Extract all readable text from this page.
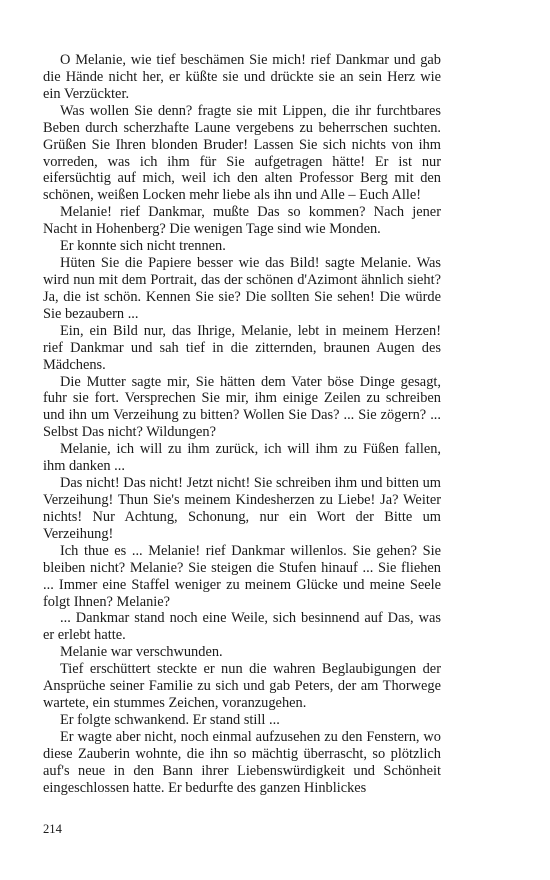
O Melanie, wie tief beschämen Sie mich! rief Dankmar und gab die Hände nicht her, er küßte sie und drückte sie an sein Herz wie ein Verzückter.

Was wollen Sie denn? fragte sie mit Lippen, die ihr furchtbares Beben durch scherzhafte Laune vergebens zu beherrschen suchten. Grüßen Sie Ihren blonden Bruder! Lassen Sie sich nichts von ihm vorreden, was ich ihm für Sie aufgetragen hätte! Er ist nur eifersüchtig auf mich, weil ich den alten Professor Berg mit den schönen, weißen Locken mehr liebe als ihn und Alle – Euch Alle!

Melanie! rief Dankmar, mußte Das so kommen? Nach jener Nacht in Hohenberg? Die wenigen Tage sind wie Monden.

Er konnte sich nicht trennen.

Hüten Sie die Papiere besser wie das Bild! sagte Melanie. Was wird nun mit dem Portrait, das der schönen d'Azimont ähnlich sieht? Ja, die ist schön. Kennen Sie sie? Die sollten Sie sehen! Die würde Sie bezaubern ...

Ein, ein Bild nur, das Ihrige, Melanie, lebt in meinem Herzen! rief Dankmar und sah tief in die zitternden, braunen Augen des Mädchens.

Die Mutter sagte mir, Sie hätten dem Vater böse Dinge gesagt, fuhr sie fort. Versprechen Sie mir, ihm einige Zeilen zu schreiben und ihn um Verzeihung zu bitten? Wollen Sie Das? ... Sie zögern? ... Selbst Das nicht? Wildungen?

Melanie, ich will zu ihm zurück, ich will ihm zu Füßen fallen, ihm danken ...

Das nicht! Das nicht! Jetzt nicht! Sie schreiben ihm und bitten um Verzeihung! Thun Sie's meinem Kindesherzen zu Liebe! Ja? Weiter nichts! Nur Achtung, Schonung, nur ein Wort der Bitte um Verzeihung!

Ich thue es ... Melanie! rief Dankmar willenlos. Sie gehen? Sie bleiben nicht? Melanie? Sie steigen die Stufen hinauf ... Sie fliehen ... Immer eine Staffel weniger zu meinem Glücke und meine Seele folgt Ihnen? Melanie?

... Dankmar stand noch eine Weile, sich besinnend auf Das, was er erlebt hatte.

Melanie war verschwunden.

Tief erschüttert steckte er nun die wahren Beglaubigungen der Ansprüche seiner Familie zu sich und gab Peters, der am Thorwege wartete, ein stummes Zeichen, voranzugehen.

Er folgte schwankend. Er stand still ...

Er wagte aber nicht, noch einmal aufzusehen zu den Fenstern, wo diese Zauberin wohnte, die ihn so mächtig überrascht, so plötzlich auf's neue in den Bann ihrer Liebenswürdigkeit und Schönheit eingeschlossen hatte. Er bedurfte des ganzen Hinblickes

214
